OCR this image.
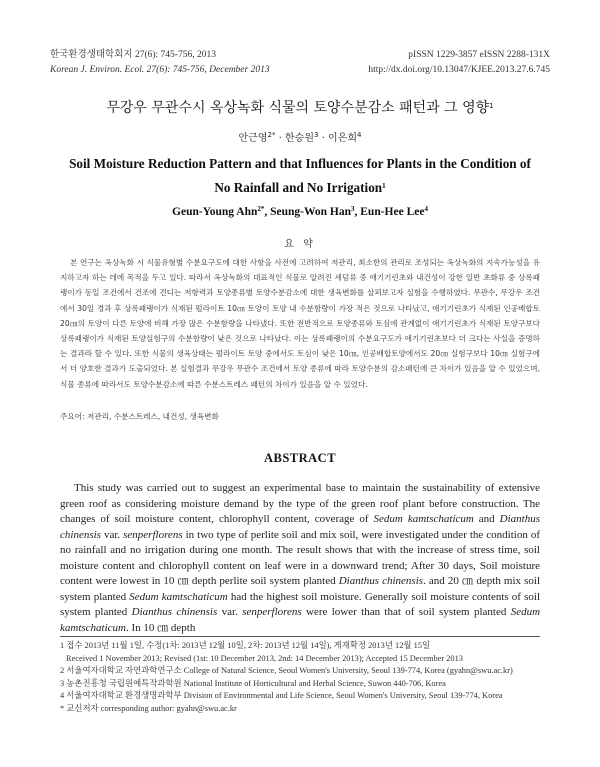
한국환경생태학회지 27(6): 745-756, 2013
Korean J. Environ. Ecol. 27(6): 745-756, December 2013
pISSN 1229-3857 eISSN 2288-131X
http://dx.doi.org/10.13047/KJEE.2013.27.6.745
무강우 무관수시 옥상녹화 식물의 토양수분감소 패턴과 그 영향$^1$
안근영$^{2*}$ · 한승원$^3$ · 이은희$^4$
Soil Moisture Reduction Pattern and that Influences for Plants in the Condition of
No Rainfall and No Irrigation$^1$
Geun-Young Ahn$^{2*}$, Seung-Won Han$^3$, Eun-Hee Lee$^4$
요 약

본 연구는 옥상녹화 시 식물유형별 수분요구도에 대한 사항을 사전에 고려하여 저관리, 최소한의 관리로 조성되는 옥상녹화의 지속가능성을 유지하고자 하는 데에 목적을 두고 있다. 따라서 옥상녹화의 대표적인 식물로 알려진 세덤류 중 애기기린초와 내건성이 강한 일반 초화류 중 상록패랭이가 동일 조건에서 건조에 견디는 저항력과 토양종류별 토양수분감소에 대한 생육변화를 살펴보고자 실험을 수행하였다. 무관수, 무강우 조건에서 30일 경과 후 상록패랭이가 식재된 펄라이트 10㎝ 토양이 토양 내 수분함량이 가장 적은 것으로 나타났고, 애기기린초가 식재된 인공배합토 20㎝의 토양이 다른 토양에 비해 가장 많은 수분함량을 나타냈다. 또한 전반적으로 토양종류와 토심에 관계없이 애기기린초가 식재된 토양구보다 상록패랭이가 식재된 토양실험구의 수분함량이 낮은 것으로 나타났다. 이는 상록패랭이의 수분요구도가 애기기린초보다 더 크다는 사실을 증명하는 결과라 할 수 있다. 또한 식물의 생육상태는 펄라이트 토양 중에서도 토심이 낮은 10㎝, 인공배합토양에서도 20㎝ 실험구보다 10㎝ 실험구에서 더 양호한 결과가 도출되었다. 본 실험결과 무강우 무관수 조건에서 토양 종류에 따라 토양수분의 감소패턴에 큰 차이가 있음을 알 수 있었으며, 식물 종류에 따라서도 토양수분감소에 따른 수분스트레스 패턴의 차이가 있음을 알 수 있었다.

주요어: 저관리, 수분스트레스, 내건성, 생육변화
ABSTRACT

This study was carried out to suggest an experimental base to maintain the sustainability of extensive green roof as considering moisture demand by the type of the green roof plant before construction. The changes of soil moisture content, chlorophyll content, coverage of Sedum kamtschaticum and Dianthus chinensis var. senperflorens in two type of perlite soil and mix soil, were investigated under the condition of no rainfall and no irrigation during one month. The result shows that with the increase of stress time, soil moisture content and chlorophyll content on leaf were in a downward trend; After 30 days, Soil moisture content were lowest in 10 ㎝ depth perlite soil system planted Dianthus chinensis. and 20 ㎝ depth mix soil system planted Sedum kamtschaticum had the highest soil moisture. Generally soil moisture contents of soil system planted Dianthus chinensis var. senperflorens were lower than that of soil system planted Sedum kamtschaticum. In 10 ㎝ depth

1 접수 2013년 11월 1일, 수정(1차: 2013년 12월 10일, 2차: 2013년 12월 14일), 게재확정 2013년 12월 15일
Received 1 November 2013; Revised (1st: 10 December 2013, 2nd: 14 December 2013); Accepted 15 December 2013
2 서울여자대학교 자연과학연구소 College of Natural Science, Seoul Women's University, Seoul 139-774, Korea (gyahn@swu.ac.kr)
3 농촌진흥청 국립원예특작과학원 National Institute of Horticultural and Herbal Science, Suwon 440-706, Korea
4 서울여자대학교 환경생명과학부 Division of Environmental and Life Science, Seoul Women's University, Seoul 139-774, Korea
* 교신저자 corresponding author: gyahn@swu.ac.kr
